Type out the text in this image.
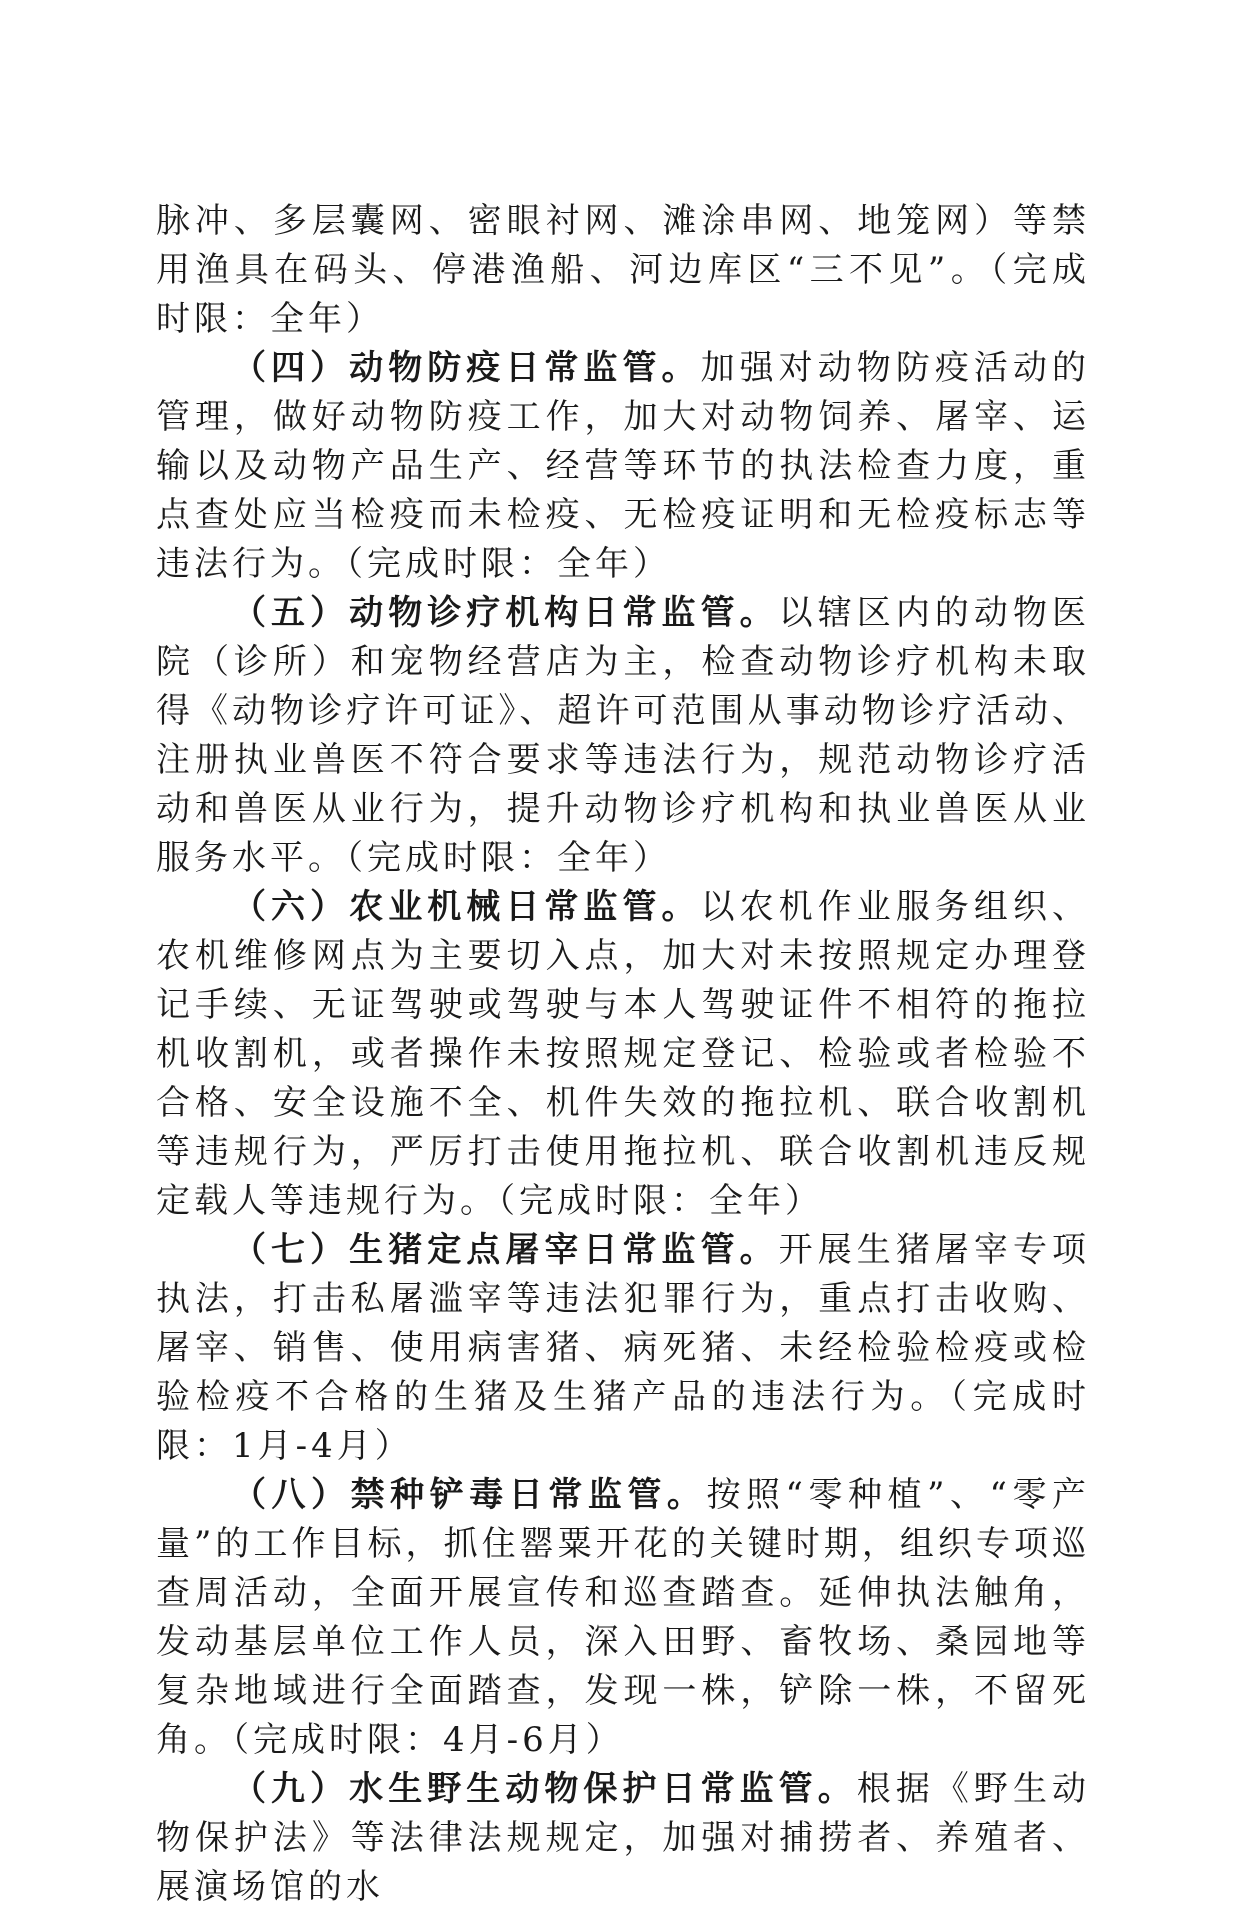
脉冲、多层囊网、密眼衬网、滩涂串网、地笼网）等禁用渔具在码头、停港渔船、河边库区“三不见”。（完成时限：全年）

（四）动物防疫日常监管。加强对动物防疫活动的管理，做好动物防疫工作，加大对动物饲养、屠宰、运输以及动物产品生产、经营等环节的执法检查力度，重点查处应当检疫而未检疫、无检疫证明和无检疫标志等违法行为。（完成时限：全年）

（五）动物诊疗机构日常监管。以辖区内的动物医院（诊所）和宠物经营店为主，检查动物诊疗机构未取得《动物诊疗许可证》、超许可范围从事动物诊疗活动、注册执业兽医不符合要求等违法行为，规范动物诊疗活动和兽医从业行为，提升动物诊疗机构和执业兽医从业服务水平。（完成时限：全年）

（六）农业机械日常监管。以农机作业服务组织、农机维修网点为主要切入点，加大对未按照规定办理登记手续、无证驾驶或驾驶与本人驾驶证件不相符的拖拉机收割机，或者操作未按照规定登记、检验或者检验不合格、安全设施不全、机件失效的拖拉机、联合收割机等违规行为，严厉打击使用拖拉机、联合收割机违反规定载人等违规行为。（完成时限：全年）

（七）生猪定点屠宰日常监管。开展生猪屠宰专项执法，打击私屠滥宰等违法犯罪行为，重点打击收购、屠宰、销售、使用病害猪、病死猪、未经检验检疫或检验检疫不合格的生猪及生猪产品的违法行为。（完成时限：1月-4月）

（八）禁种铲毒日常监管。按照“零种植”、“零产量”的工作目标，抓住罂粟开花的关键时期，组织专项巡查周活动，全面开展宣传和巡查踏查。延伸执法触角，发动基层单位工作人员，深入田野、畜牧场、桑园地等复杂地域进行全面踏查，发现一株，铲除一株，不留死角。（完成时限：4月-6月）

（九）水生野生动物保护日常监管。根据《野生动物保护法》等法律法规规定，加强对捕捞者、养殖者、展演场馆的水
